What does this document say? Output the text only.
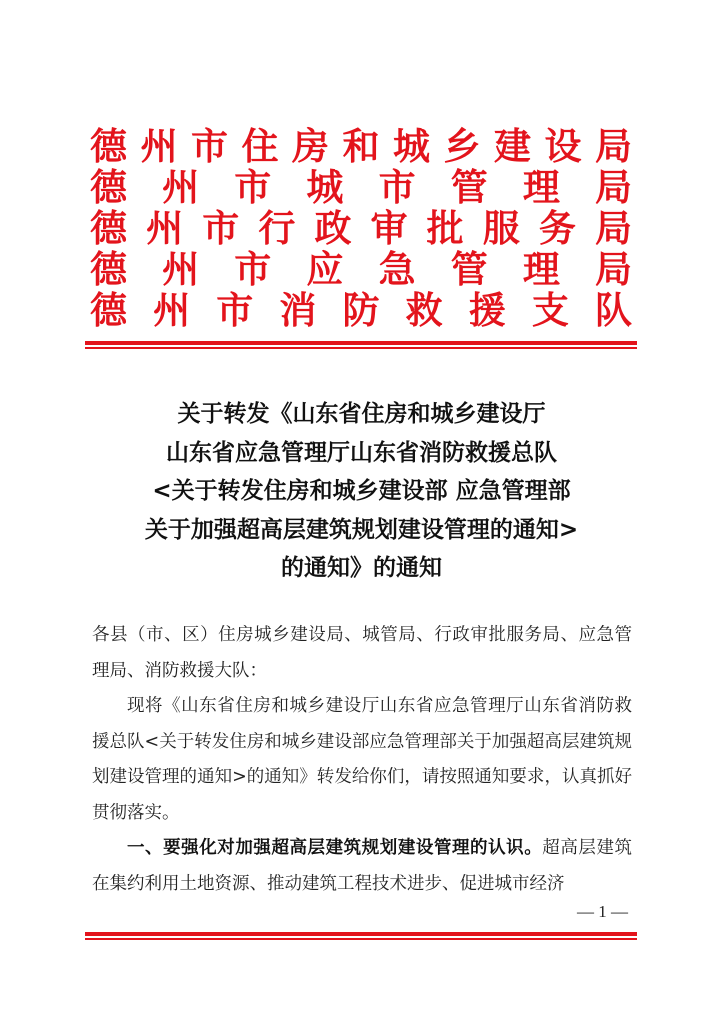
德州市住房和城乡建设局
德州市城市管理局
德州市行政审批服务局
德州市应急管理局
德州市消防救援支队
关于转发《山东省住房和城乡建设厅
山东省应急管理厅山东省消防救援总队
<关于转发住房和城乡建设部 应急管理部
关于加强超高层建筑规划建设管理的通知>
的通知》的通知

各县（市、区）住房城乡建设局、城管局、行政审批服务局、应急管理局、消防救援大队：

现将《山东省住房和城乡建设厅山东省应急管理厅山东省消防救援总队<关于转发住房和城乡建设部应急管理部关于加强超高层建筑规划建设管理的通知>的通知》转发给你们，请按照通知要求，认真抓好贯彻落实。

一、要强化对加强超高层建筑规划建设管理的认识。超高层建筑在集约利用土地资源、推动建筑工程技术进步、促进城市经济

— 1 —
